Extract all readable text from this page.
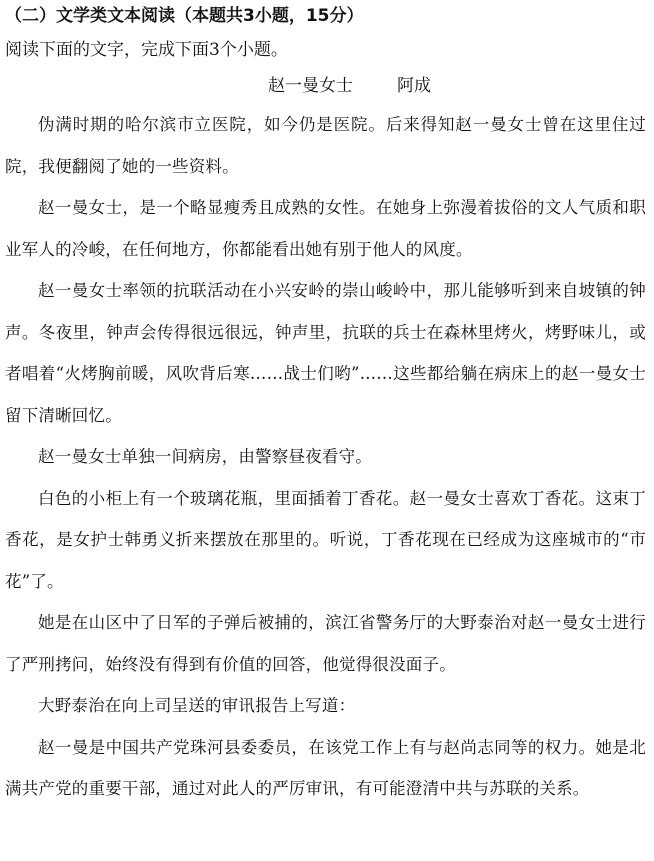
（二）文学类文本阅读（本题共3小题，15分）
阅读下面的文字，完成下面3个小题。
赵一曼女士	阿成

伪满时期的哈尔滨市立医院，如今仍是医院。后来得知赵一曼女士曾在这里住过院，我便翻阅了她的一些资料。

赵一曼女士，是一个略显瘦秀且成熟的女性。在她身上弥漫着拔俗的文人气质和职业军人的冷峻，在任何地方，你都能看出她有别于他人的风度。

赵一曼女士率领的抗联活动在小兴安岭的崇山峻岭中，那儿能够听到来自坡镇的钟声。冬夜里，钟声会传得很远很远，钟声里，抗联的兵士在森林里烤火，烤野味儿，或者唱着“火烤胸前暖，风吹背后寒……战士们哟”……这些都给躺在病床上的赵一曼女士留下清晰回忆。

赵一曼女士单独一间病房，由警察昼夜看守。

白色的小柜上有一个玻璃花瓶，里面插着丁香花。赵一曼女士喜欢丁香花。这束丁香花，是女护士韩勇义折来摆放在那里的。听说，丁香花现在已经成为这座城市的“市花”了。

她是在山区中了日军的子弹后被捕的，滨江省警务厅的大野泰治对赵一曼女士进行了严刑拷问，始终没有得到有价值的回答，他觉得很没面子。

大野泰治在向上司呈送的审讯报告上写道：

赵一曼是中国共产党珠河县委委员，在该党工作上有与赵尚志同等的权力。她是北满共产党的重要干部，通过对此人的严厉审讯，有可能澄清中共与苏联的关系。
